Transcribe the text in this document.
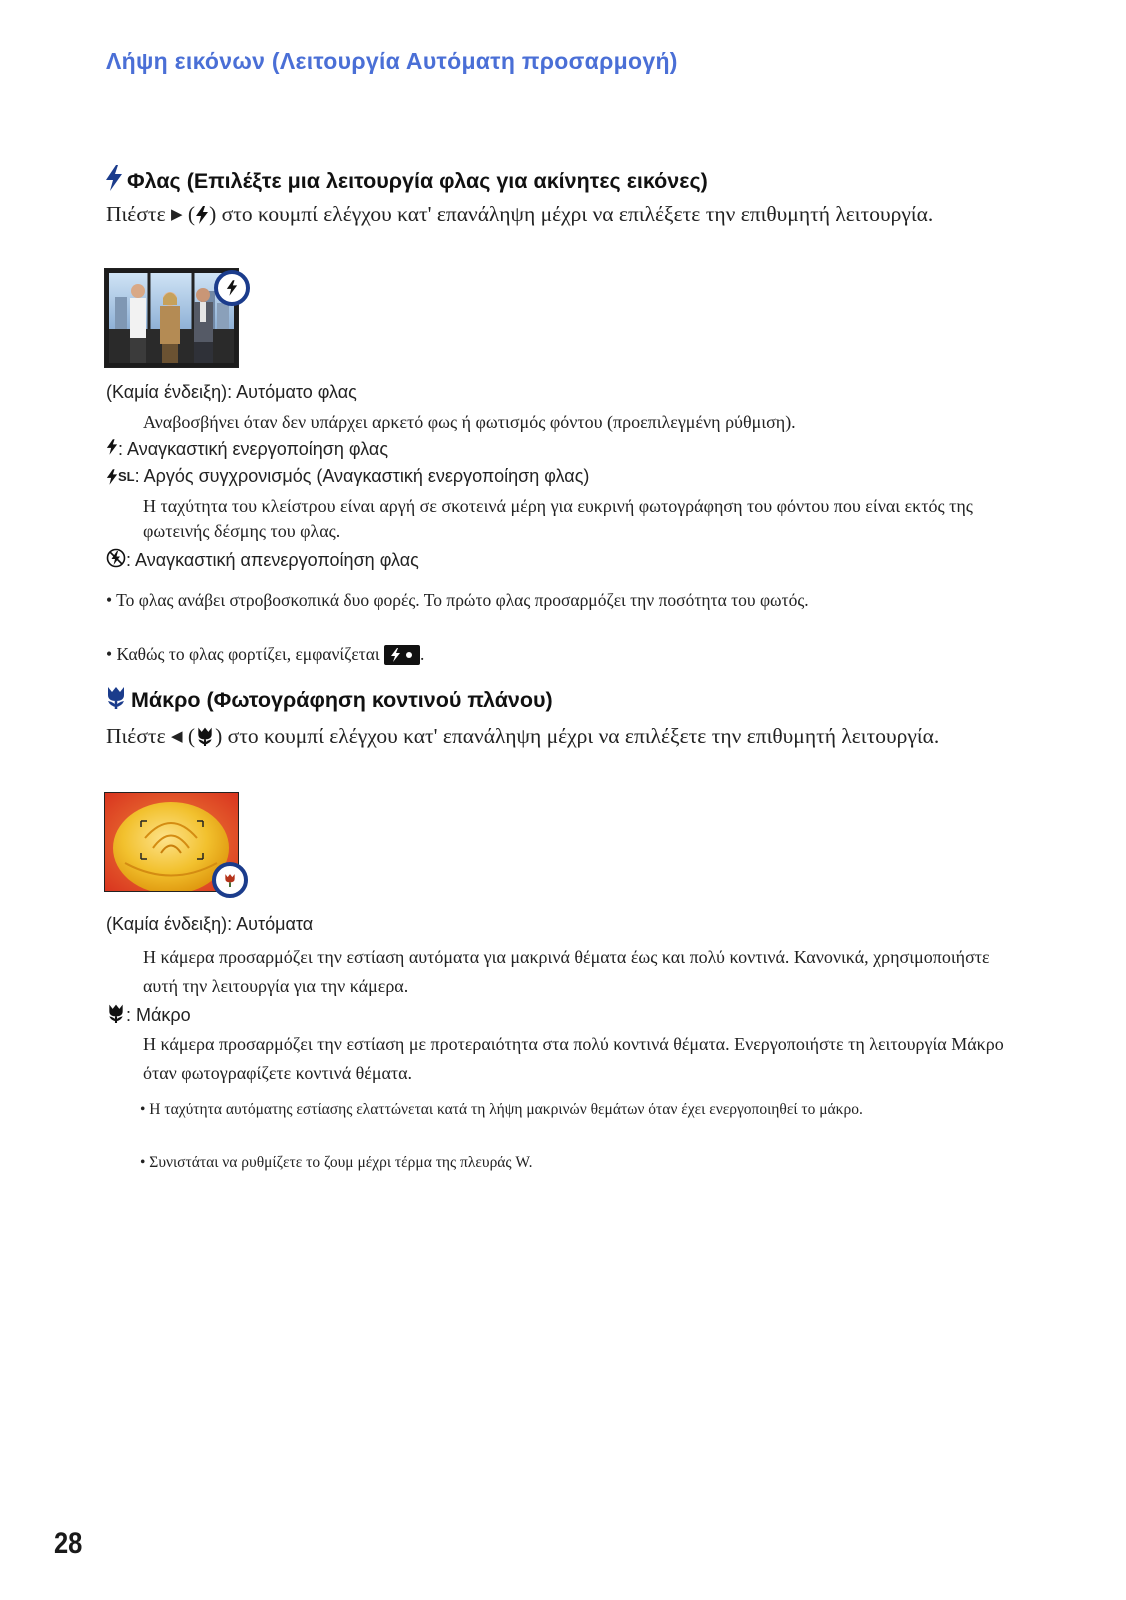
Λήψη εικόνων (Λειτουργία Αυτόματη προσαρμογή)
Φλας (Επιλέξτε μια λειτουργία φλας για ακίνητες εικόνες)
Πιέστε ▶ ( ) στο κουμπί ελέγχου κατ' επανάληψη μέχρι να επιλέξετε την επιθυμητή λειτουργία.
(Καμία ένδειξη): Αυτόματο φλας
Αναβοσβήνει όταν δεν υπάρχει αρκετό φως ή φωτισμός φόντου (προεπιλεγμένη ρύθμιση).
: Αναγκαστική ενεργοποίηση φλας
SL : Αργός συγχρονισμός (Αναγκαστική ενεργοποίηση φλας)
Η ταχύτητα του κλείστρου είναι αργή σε σκοτεινά μέρη για ευκρινή φωτογράφηση του φόντου που είναι εκτός της φωτεινής δέσμης του φλας.
: Αναγκαστική απενεργοποίηση φλας
• Το φλας ανάβει στροβοσκοπικά δυο φορές. Το πρώτο φλας προσαρμόζει την ποσότητα του φωτός.
• Καθώς το φλας φορτίζει, εμφανίζεται .
Μάκρο (Φωτογράφηση κοντινού πλάνου)
Πιέστε ◀ ( ) στο κουμπί ελέγχου κατ' επανάληψη μέχρι να επιλέξετε την επιθυμητή λειτουργία.
(Καμία ένδειξη): Αυτόματα
Η κάμερα προσαρμόζει την εστίαση αυτόματα για μακρινά θέματα έως και πολύ κοντινά. Κανονικά, χρησιμοποιήστε αυτή την λειτουργία για την κάμερα.
: Μάκρο
Η κάμερα προσαρμόζει την εστίαση με προτεραιότητα στα πολύ κοντινά θέματα. Ενεργοποιήστε τη λειτουργία Μάκρο όταν φωτογραφίζετε κοντινά θέματα.
• Η ταχύτητα αυτόματης εστίασης ελαττώνεται κατά τη λήψη μακρινών θεμάτων όταν έχει ενεργοποιηθεί το μάκρο.
• Συνιστάται να ρυθμίζετε το ζουμ μέχρι τέρμα της πλευράς W.
28
